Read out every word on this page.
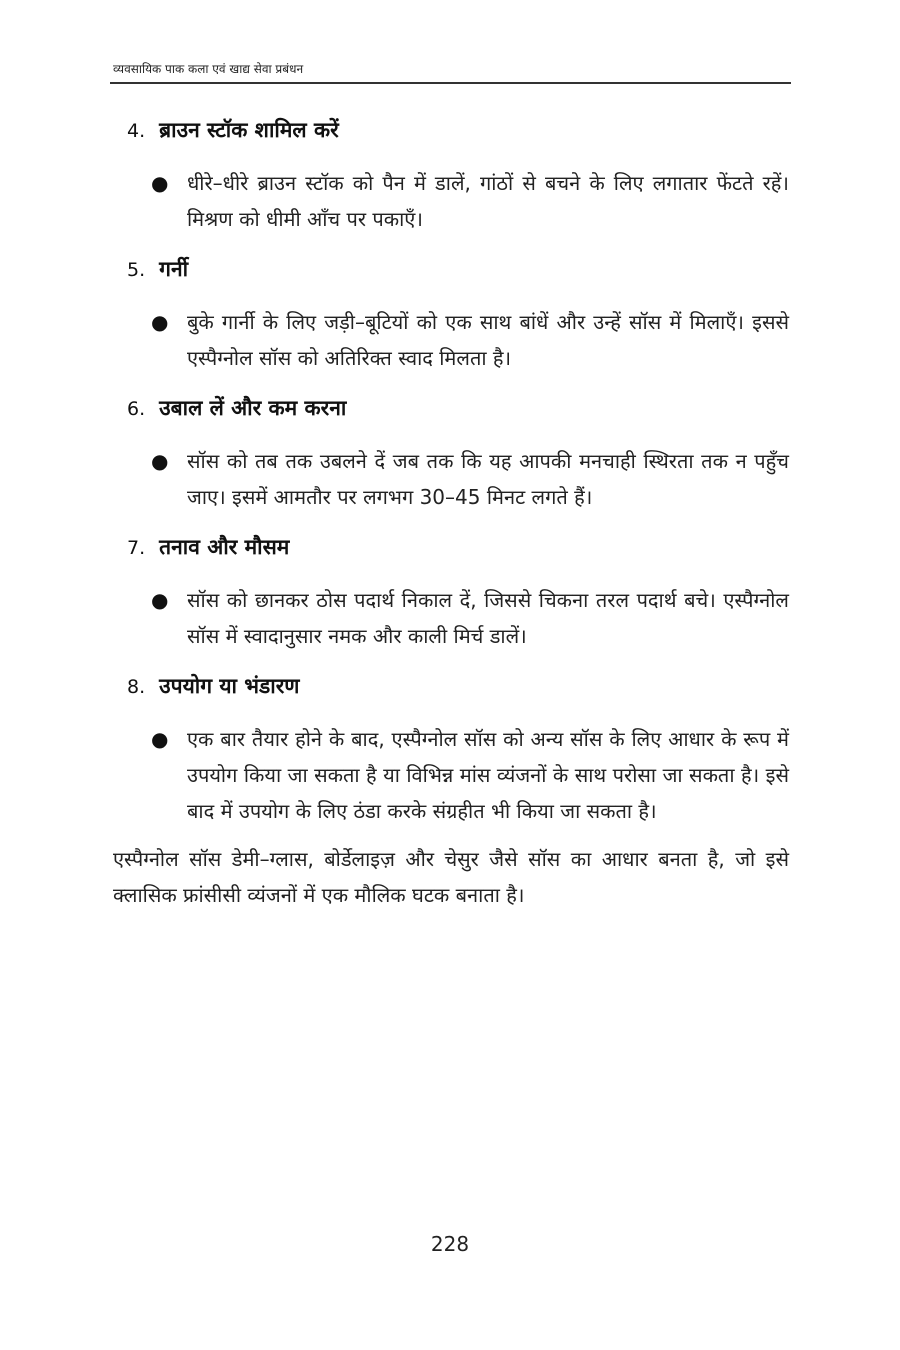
व्यवसायिक पाक कला एवं खाद्य सेवा प्रबंधन
4. ब्राउन स्टॉक शामिल करें
● धीरे–धीरे ब्राउन स्टॉक को पैन में डालें, गांठों से बचने के लिए लगातार फेंटते रहें। मिश्रण को धीमी आँच पर पकाएँ।
5. गर्नी
● बुके गार्नी के लिए जड़ी–बूटियों को एक साथ बांधें और उन्हें सॉस में मिलाएँ। इससे एस्पैग्नोल सॉस को अतिरिक्त स्वाद मिलता है।
6. उबाल लें और कम करना
● सॉस को तब तक उबलने दें जब तक कि यह आपकी मनचाही स्थिरता तक न पहुँच जाए। इसमें आमतौर पर लगभग 30–45 मिनट लगते हैं।
7. तनाव और मौसम
● सॉस को छानकर ठोस पदार्थ निकाल दें, जिससे चिकना तरल पदार्थ बचे। एस्पैग्नोल सॉस में स्वादानुसार नमक और काली मिर्च डालें।
8. उपयोग या भंडारण
● एक बार तैयार होने के बाद, एस्पैग्नोल सॉस को अन्य सॉस के लिए आधार के रूप में उपयोग किया जा सकता है या विभिन्न मांस व्यंजनों के साथ परोसा जा सकता है। इसे बाद में उपयोग के लिए ठंडा करके संग्रहीत भी किया जा सकता है।

एस्पैग्नोल सॉस डेमी–ग्लास, बोर्डेलाइज़ और चेसुर जैसे सॉस का आधार बनता है, जो इसे क्लासिक फ्रांसीसी व्यंजनों में एक मौलिक घटक बनाता है।

228
